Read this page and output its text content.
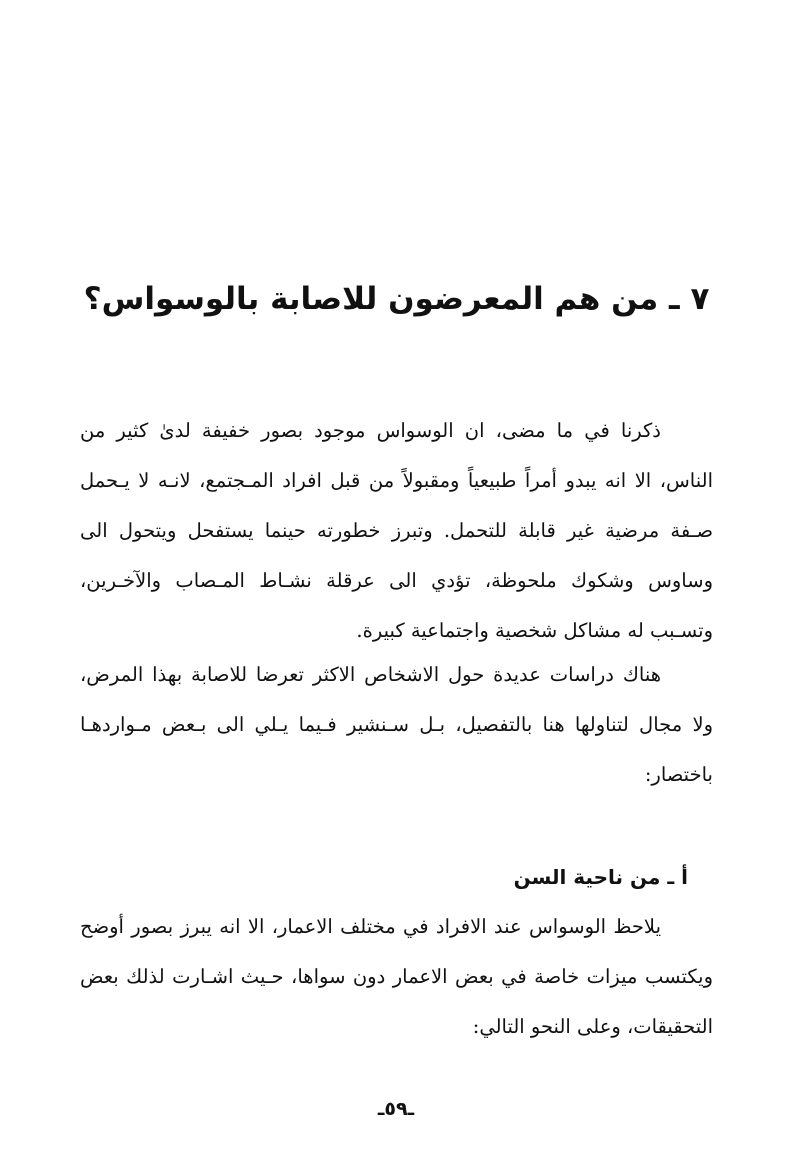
٧ ـ من هم المعرضون للاصابة بالوسواس؟

ذكرنا في ما مضى، ان الوسواس موجود بصور خفيفة لدىٰ كثير من الناس، الا انه يبدو أمراً طبيعياً ومقبولاً من قبل افراد المـجتمع، لانـه لا يـحمل صـفة مرضية غير قابلة للتحمل. وتبرز خطورته حينما يستفحل ويتحول الى وساوس وشكوك ملحوظة، تؤدي الى عرقلة نشـاط المـصاب والآخـرين، وتسـبب له مشاكل شخصية واجتماعية كبيرة.

هناك دراسات عديدة حول الاشخاص الاكثر تعرضا للاصابة بهذا المرض، ولا مجال لتناولها هنا بالتفصيل، بـل سـنشير فـيما يـلي الى بـعض مـواردهـا باختصار:

أ ـ من ناحية السن

يلاحظ الوسواس عند الافراد في مختلف الاعمار، الا انه يبرز بصور أوضح ويكتسب ميزات خاصة في بعض الاعمار دون سواها، حـيث اشـارت لذلك بعض التحقيقات، وعلى النحو التالي:

ـ٥٩ـ
